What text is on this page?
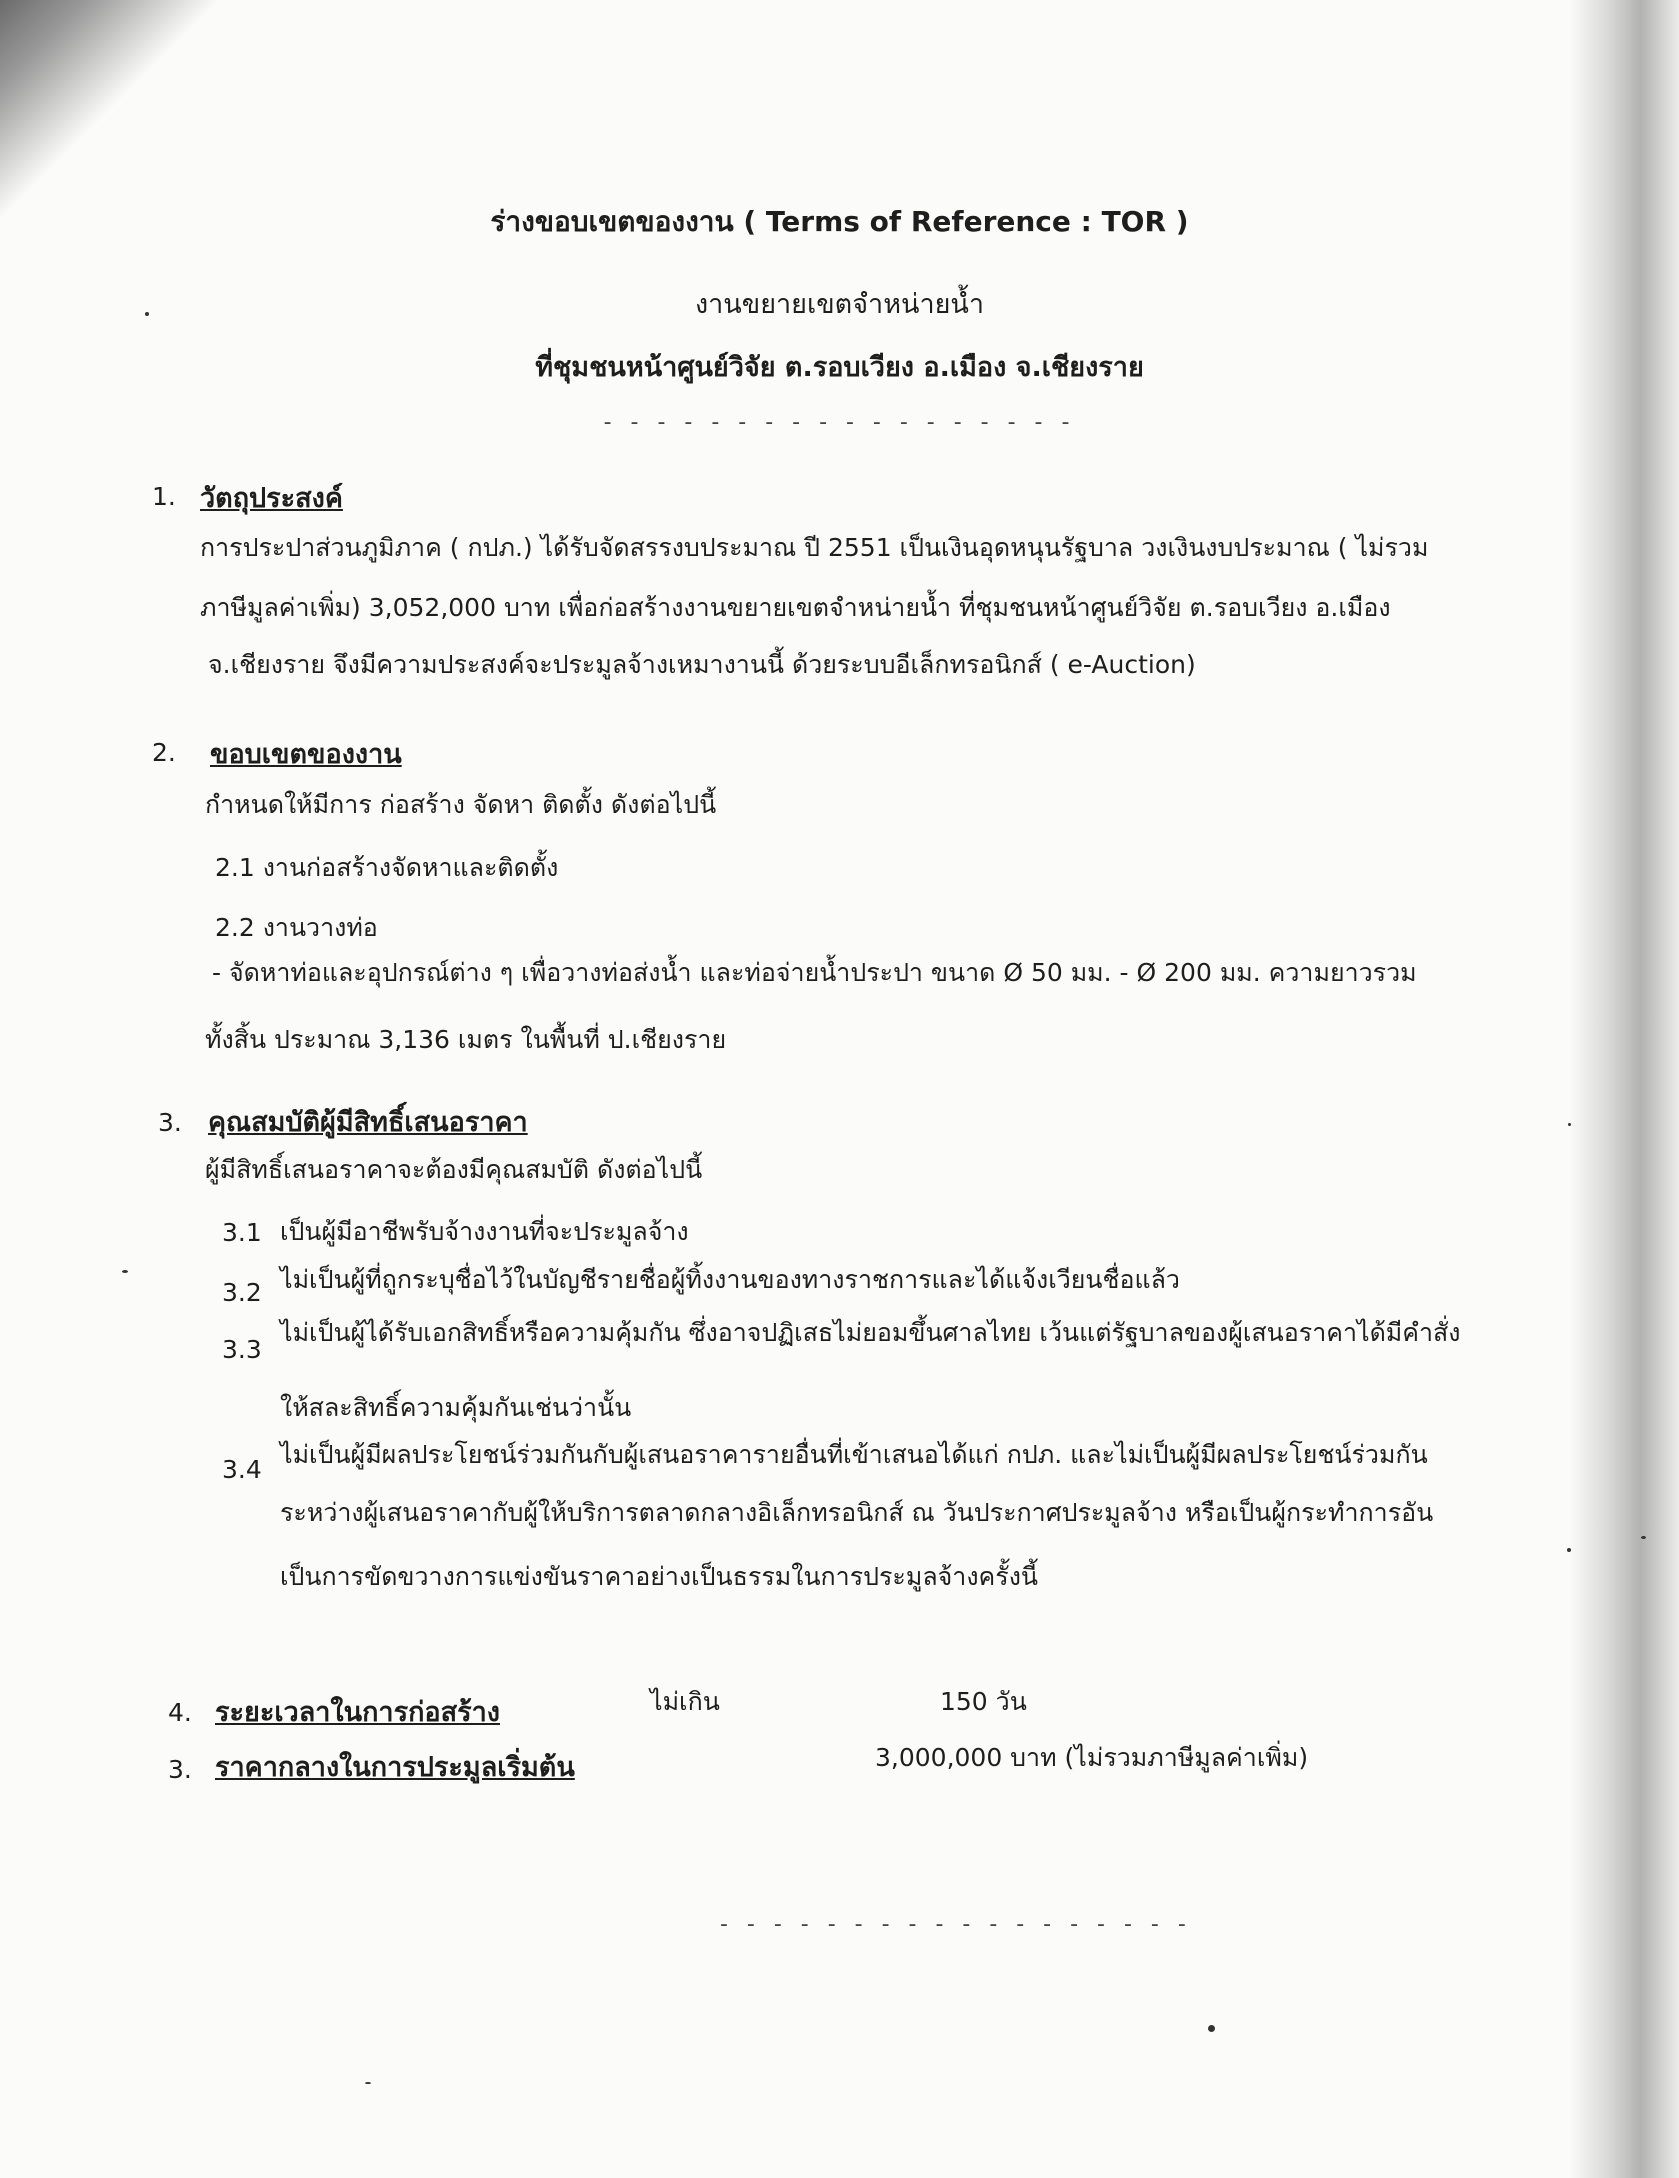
ร่างขอบเขตของงาน ( Terms of Reference : TOR )
งานขยายเขตจำหน่ายน้ำ
ที่ชุมชนหน้าศูนย์วิจัย ต.รอบเวียง อ.เมือง จ.เชียงราย
- - - - - - - - - - - - - - - - - -
1. วัตถุประสงค์
การประปาส่วนภูมิภาค ( กปภ.) ได้รับจัดสรรงบประมาณ ปี 2551 เป็นเงินอุดหนุนรัฐบาล วงเงินงบประมาณ ( ไม่รวม
ภาษีมูลค่าเพิ่ม) 3,052,000 บาท เพื่อก่อสร้างงานขยายเขตจำหน่ายน้ำ ที่ชุมชนหน้าศูนย์วิจัย ต.รอบเวียง อ.เมือง
จ.เชียงราย จึงมีความประสงค์จะประมูลจ้างเหมางานนี้ ด้วยระบบอีเล็กทรอนิกส์ ( e-Auction)
2. ขอบเขตของงาน
กำหนดให้มีการ ก่อสร้าง จัดหา ติดตั้ง ดังต่อไปนี้
2.1 งานก่อสร้างจัดหาและติดตั้ง
2.2 งานวางท่อ
- จัดหาท่อและอุปกรณ์ต่าง ๆ เพื่อวางท่อส่งน้ำ และท่อจ่ายน้ำประปา ขนาด Ø 50 มม. - Ø 200 มม. ความยาวรวม
ทั้งสิ้น ประมาณ 3,136 เมตร ในพื้นที่ ป.เชียงราย
3. คุณสมบัติผู้มีสิทธิ์เสนอราคา
ผู้มีสิทธิ์เสนอราคาจะต้องมีคุณสมบัติ ดังต่อไปนี้
3.1 เป็นผู้มีอาชีพรับจ้างงานที่จะประมูลจ้าง
3.2 ไม่เป็นผู้ที่ถูกระบุชื่อไว้ในบัญชีรายชื่อผู้ทิ้งงานของทางราชการและได้แจ้งเวียนชื่อแล้ว
3.3
ไม่เป็นผู้ได้รับเอกสิทธิ์หรือความคุ้มกัน ซึ่งอาจปฏิเสธไม่ยอมขึ้นศาลไทย เว้นแต่รัฐบาลของผู้เสนอราคาได้มีคำสั่ง
ให้สละสิทธิ์ความคุ้มกันเช่นว่านั้น
3.4
ไม่เป็นผู้มีผลประโยชน์ร่วมกันกับผู้เสนอราคารายอื่นที่เข้าเสนอได้แก่ กปภ. และไม่เป็นผู้มีผลประโยชน์ร่วมกัน
ระหว่างผู้เสนอราคากับผู้ให้บริการตลาดกลางอิเล็กทรอนิกส์ ณ วันประกาศประมูลจ้าง หรือเป็นผู้กระทำการอัน
เป็นการขัดขวางการแข่งขันราคาอย่างเป็นธรรมในการประมูลจ้างครั้งนี้
4. ระยะเวลาในการก่อสร้าง	ไม่เกิน	150 วัน
3. ราคากลางในการประมูลเริ่มต้น	3,000,000 บาท (ไม่รวมภาษีมูลค่าเพิ่ม)
- - - - - - - - - - - - - - - - - -
